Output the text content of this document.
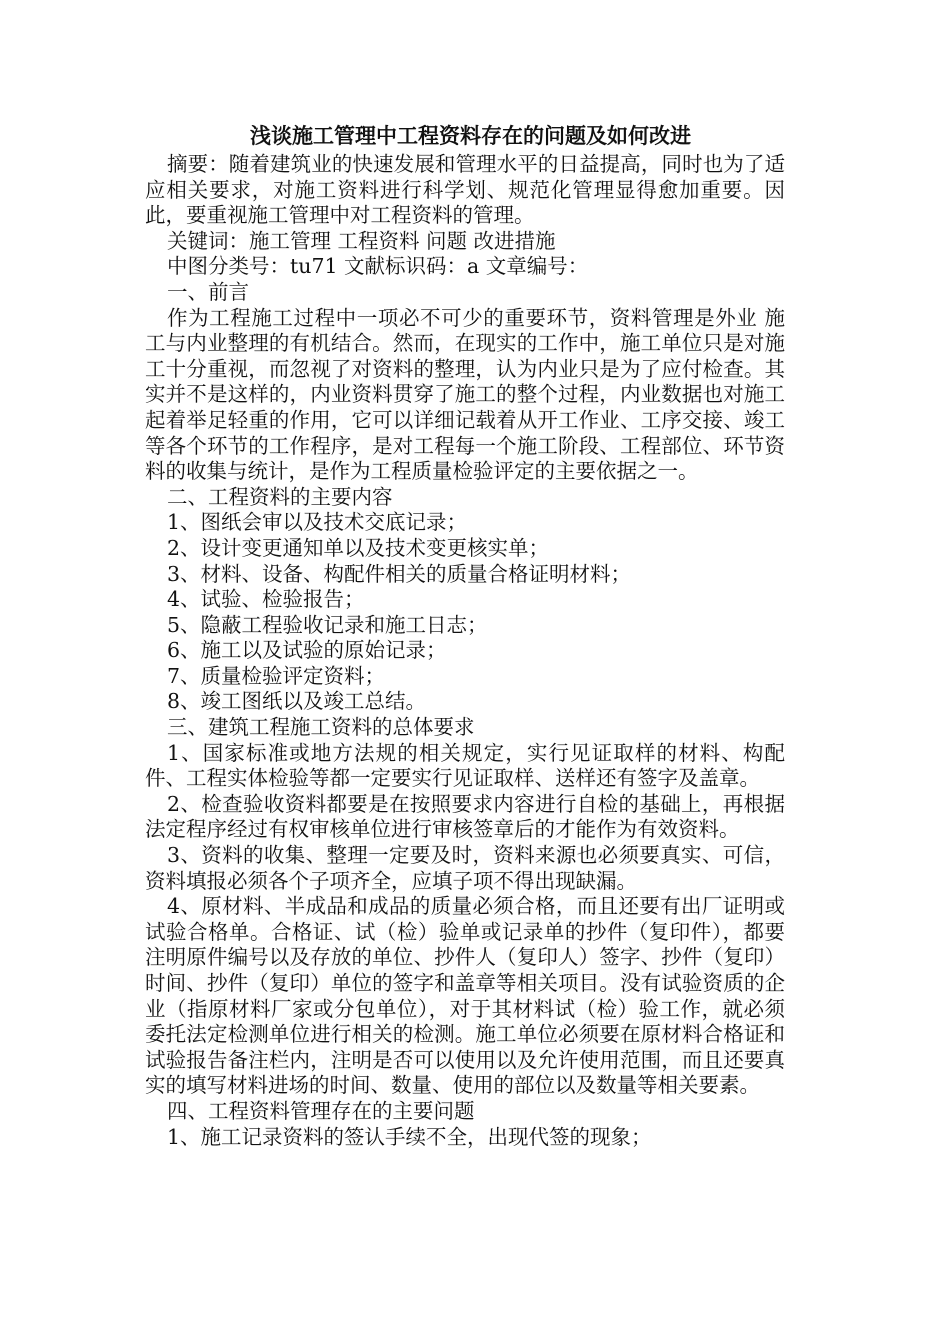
浅谈施工管理中工程资料存在的问题及如何改进

摘要：随着建筑业的快速发展和管理水平的日益提高，同时也为了适应相关要求，对施工资料进行科学划、规范化管理显得愈加重要。因此，要重视施工管理中对工程资料的管理。

关键词：施工管理 工程资料 问题 改进措施

中图分类号：tu71 文献标识码：a 文章编号：

一、前言

作为工程施工过程中一项必不可少的重要环节，资料管理是外业 施工与内业整理的有机结合。然而，在现实的工作中，施工单位只是对施工十分重视，而忽视了对资料的整理，认为内业只是为了应付检查。其实并不是这样的，内业资料贯穿了施工的整个过程，内业数据也对施工起着举足轻重的作用，它可以详细记载着从开工作业、工序交接、竣工等各个环节的工作程序，是对工程每一个施工阶段、工程部位、环节资料的收集与统计，是作为工程质量检验评定的主要依据之一。

二、工程资料的主要内容

1、图纸会审以及技术交底记录；

2、设计变更通知单以及技术变更核实单；

3、材料、设备、构配件相关的质量合格证明材料；

4、试验、检验报告；

5、隐蔽工程验收记录和施工日志；

6、施工以及试验的原始记录；

7、质量检验评定资料；

8、竣工图纸以及竣工总结。

三、建筑工程施工资料的总体要求

1、国家标准或地方法规的相关规定，实行见证取样的材料、构配件、工程实体检验等都一定要实行见证取样、送样还有签字及盖章。

2、检查验收资料都要是在按照要求内容进行自检的基础上，再根据法定程序经过有权审核单位进行审核签章后的才能作为有效资料。

3、资料的收集、整理一定要及时，资料来源也必须要真实、可信，资料填报必须各个子项齐全，应填子项不得出现缺漏。

4、原材料、半成品和成品的质量必须合格，而且还要有出厂证明或试验合格单。合格证、试（检）验单或记录单的抄件（复印件），都要注明原件编号以及存放的单位、抄件人（复印人）签字、抄件（复印）时间、抄件（复印）单位的签字和盖章等相关项目。没有试验资质的企业（指原材料厂家或分包单位），对于其材料试（检）验工作，就必须委托法定检测单位进行相关的检测。施工单位必须要在原材料合格证和试验报告备注栏内，注明是否可以使用以及允许使用范围，而且还要真实的填写材料进场的时间、数量、使用的部位以及数量等相关要素。

四、工程资料管理存在的主要问题

1、施工记录资料的签认手续不全，出现代签的现象；
